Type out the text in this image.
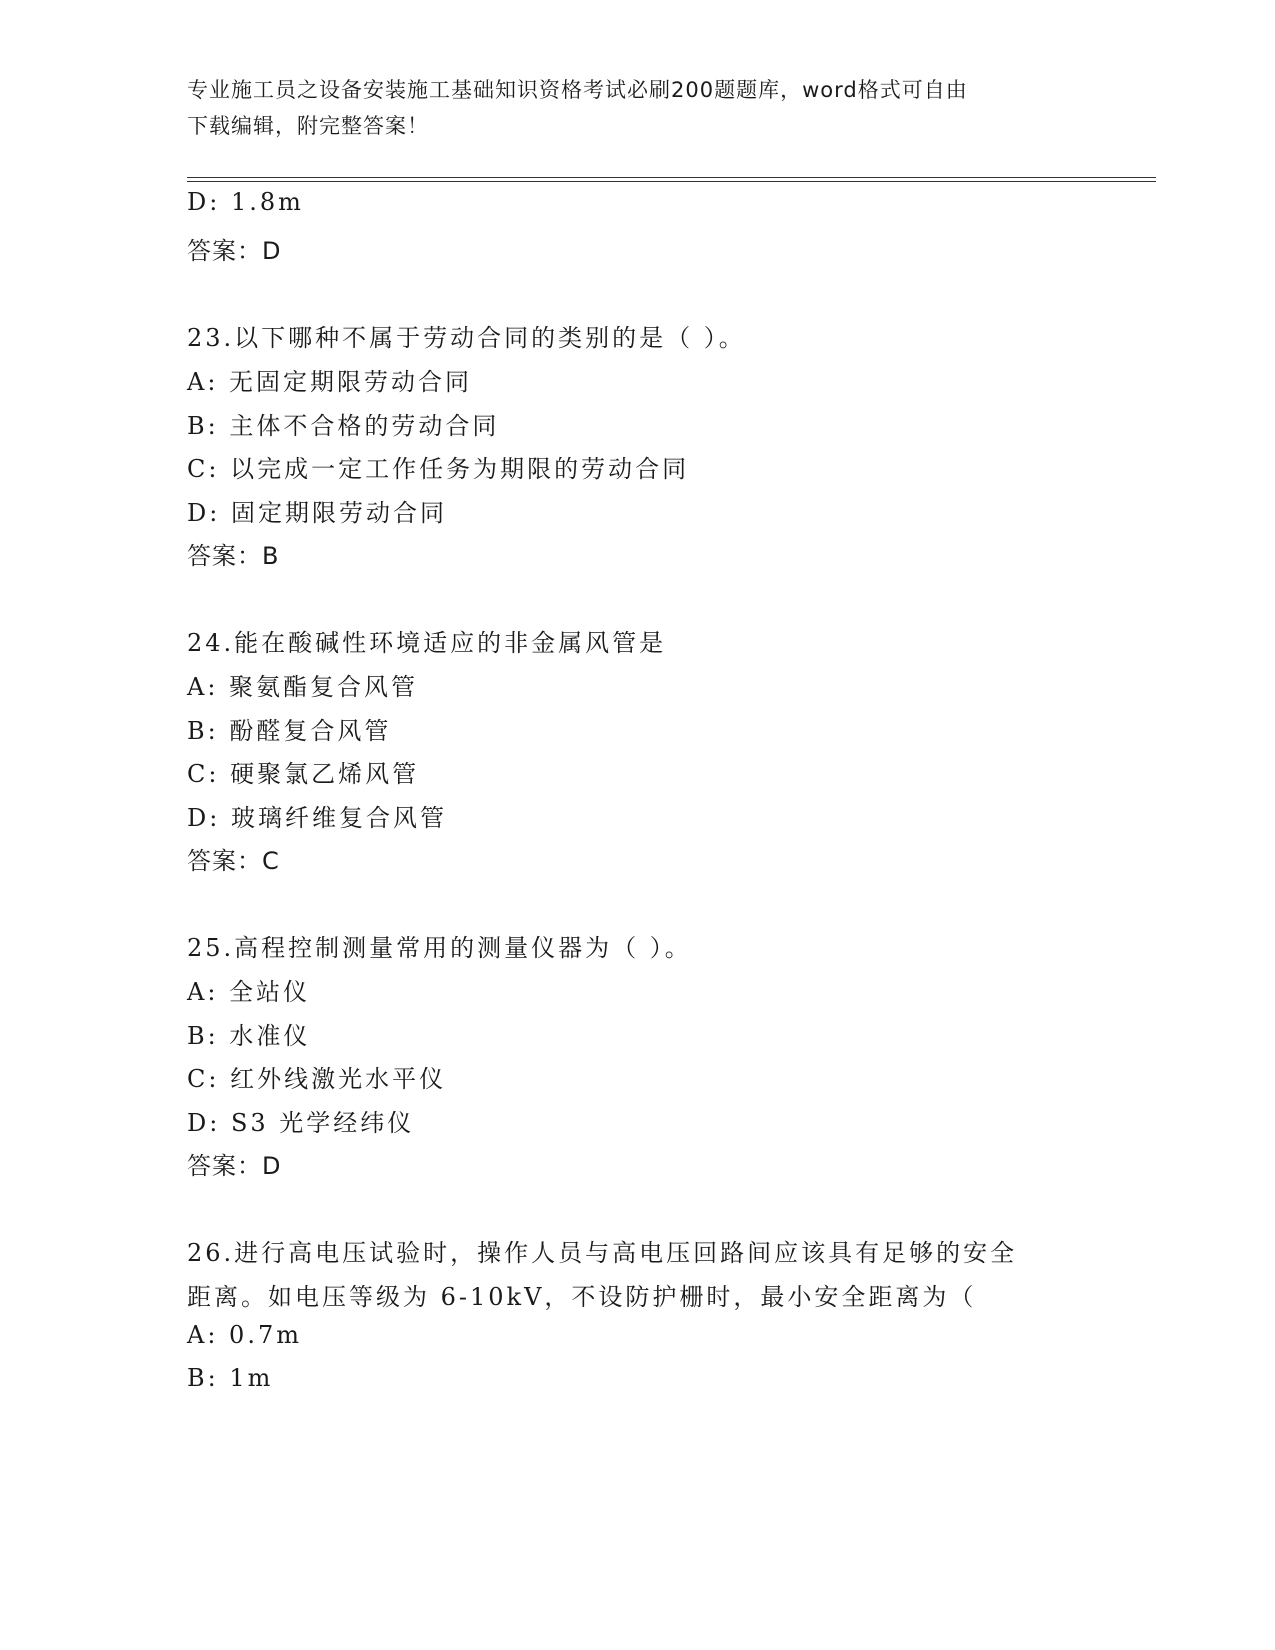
专业施工员之设备安装施工基础知识资格考试必刷200题题库，word格式可自由
下载编辑，附完整答案！
D: 1.8m
答案：D
23.以下哪种不属于劳动合同的类别的是（ ）。
A: 无固定期限劳动合同
B: 主体不合格的劳动合同
C: 以完成一定工作任务为期限的劳动合同
D: 固定期限劳动合同
答案：B
24.能在酸碱性环境适应的非金属风管是
A: 聚氨酯复合风管
B: 酚醛复合风管
C: 硬聚氯乙烯风管
D: 玻璃纤维复合风管
答案：C
25.高程控制测量常用的测量仪器为（ ）。
A: 全站仪
B: 水准仪
C: 红外线激光水平仪
D: S3 光学经纬仪
答案：D
26.进行高电压试验时，操作人员与高电压回路间应该具有足够的安全
距离。如电压等级为 6-10kV，不设防护栅时，最小安全距离为（
A: 0.7m
B: 1m
